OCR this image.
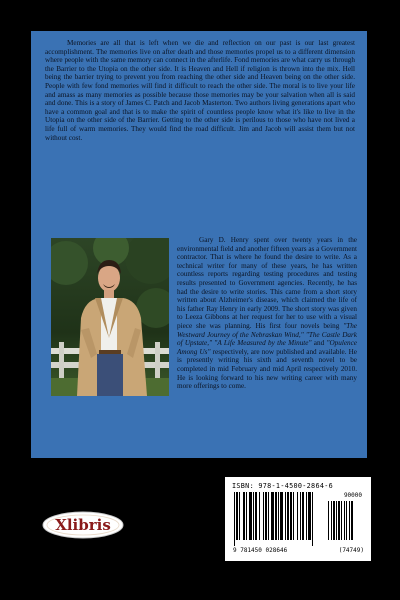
Memories are all that is left when we die and reflection on our past is our last greatest accomplishment. The memories live on after death and those memories propel us to a different dimension where people with the same memory can connect in the afterlife. Fond memories are what carry us through the Barrier to the Utopia on the other side. It is Heaven and Hell if religion is thrown into the mix. Hell being the barrier trying to prevent you from reaching the other side and Heaven being on the other side. People with few fond memories will find it difficult to reach the other side. The moral is to live your life and amass as many memories as possible because those memories may be your salvation when all is said and done. This is a story of James C. Patch and Jacob Masterton. Two authors living generations apart who have a common goal and that is to make the spirit of countless people know what it's like to live in the Utopia on the other side of the Barrier. Getting to the other side is perilous to those who have not lived a life full of warm memories. They would find the road difficult. Jim and Jacob will assist them but not without cost.

Gary D. Henry spent over twenty years in the environmental field and another fifteen years as a Government contractor. That is where he found the desire to write. As a technical writer for many of these years, he has written countless reports regarding testing procedures and testing results presented to Government agencies. Recently, he has had the desire to write stories. This came from a short story written about Alzheimer's disease, which claimed the life of his father Ray Henry in early 2009. The short story was given to Leeza Gibbons at her request for her to use with a visual piece she was planning. His first four novels being "The Westward Journey of the Nebraskan Wind," "The Castle Dark of Upstate," "A Life Measured by the Minute" and "Opulence Among Us" respectively, are now published and available. He is presently writing his sixth and seventh novel to be completed in mid February and mid April respectively 2010. He is looking forward to his new writing career with many more offerings to come.

Xlibris
ISBN: 978-1-4500-2864-6
90000
9 781450 028646	(74749)
